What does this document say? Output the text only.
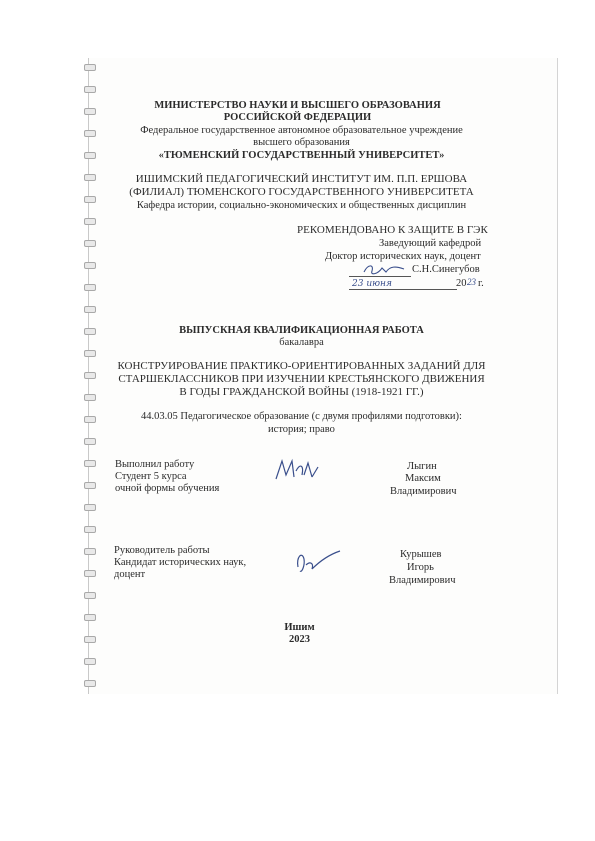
МИНИСТЕРСТВО НАУКИ И ВЫСШЕГО ОБРАЗОВАНИЯ
РОССИЙСКОЙ ФЕДЕРАЦИИ
Федеральное государственное автономное образовательное учреждение
высшего образования
«ТЮМЕНСКИЙ ГОСУДАРСТВЕННЫЙ УНИВЕРСИТЕТ»
ИШИМСКИЙ ПЕДАГОГИЧЕСКИЙ ИНСТИТУТ ИМ. П.П. ЕРШОВА
(ФИЛИАЛ) ТЮМЕНСКОГО ГОСУДАРСТВЕННОГО УНИВЕРСИТЕТА
Кафедра истории, социально-экономических и общественных дисциплин
РЕКОМЕНДОВАНО К ЗАЩИТЕ В ГЭК
Заведующий кафедрой
Доктор исторических наук, доцент
С.Н.Синегубов
23 июня	20 23 г.
ВЫПУСКНАЯ КВАЛИФИКАЦИОННАЯ РАБОТА
бакалавра
КОНСТРУИРОВАНИЕ ПРАКТИКО-ОРИЕНТИРОВАННЫХ ЗАДАНИЙ ДЛЯ
СТАРШЕКЛАССНИКОВ ПРИ ИЗУЧЕНИИ КРЕСТЬЯНСКОГО ДВИЖЕНИЯ
В ГОДЫ ГРАЖДАНСКОЙ ВОЙНЫ (1918-1921 ГГ.)
44.03.05 Педагогическое образование (с двумя профилями подготовки):
история; право
Выполнил работу
Студент 5 курса
очной формы обучения
Лыгин
Максим
Владимирович
Руководитель работы
Кандидат исторических наук,
доцент
Курышев
Игорь
Владимирович
Ишим
2023
